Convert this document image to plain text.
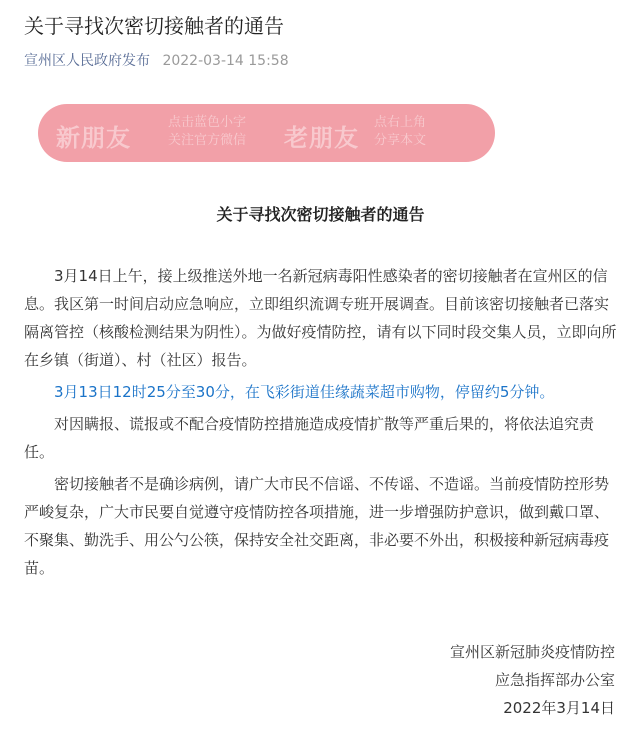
关于寻找次密切接触者的通告
宣州区人民政府发布 2022-03-14 15:58
新朋友
点击蓝色小字
关注官方微信 老朋友
点右上角
分享本文
关于寻找次密切接触者的通告

3月14日上午，接上级推送外地一名新冠病毒阳性感染者的密切接触者在宣州区的信息。我区第一时间启动应急响应，立即组织流调专班开展调查。目前该密切接触者已落实隔离管控（核酸检测结果为阴性）。为做好疫情防控，请有以下同时段交集人员，立即向所在乡镇（街道）、村（社区）报告。

3月13日12时25分至30分，在飞彩街道佳缘蔬菜超市购物，停留约5分钟。

对因瞒报、谎报或不配合疫情防控措施造成疫情扩散等严重后果的，将依法追究责任。

密切接触者不是确诊病例，请广大市民不信谣、不传谣、不造谣。当前疫情防控形势严峻复杂，广大市民要自觉遵守疫情防控各项措施，进一步增强防护意识，做到戴口罩、不聚集、勤洗手、用公勺公筷，保持安全社交距离，非必要不外出，积极接种新冠病毒疫苗。

宣州区新冠肺炎疫情防控
应急指挥部办公室
2022年3月14日
